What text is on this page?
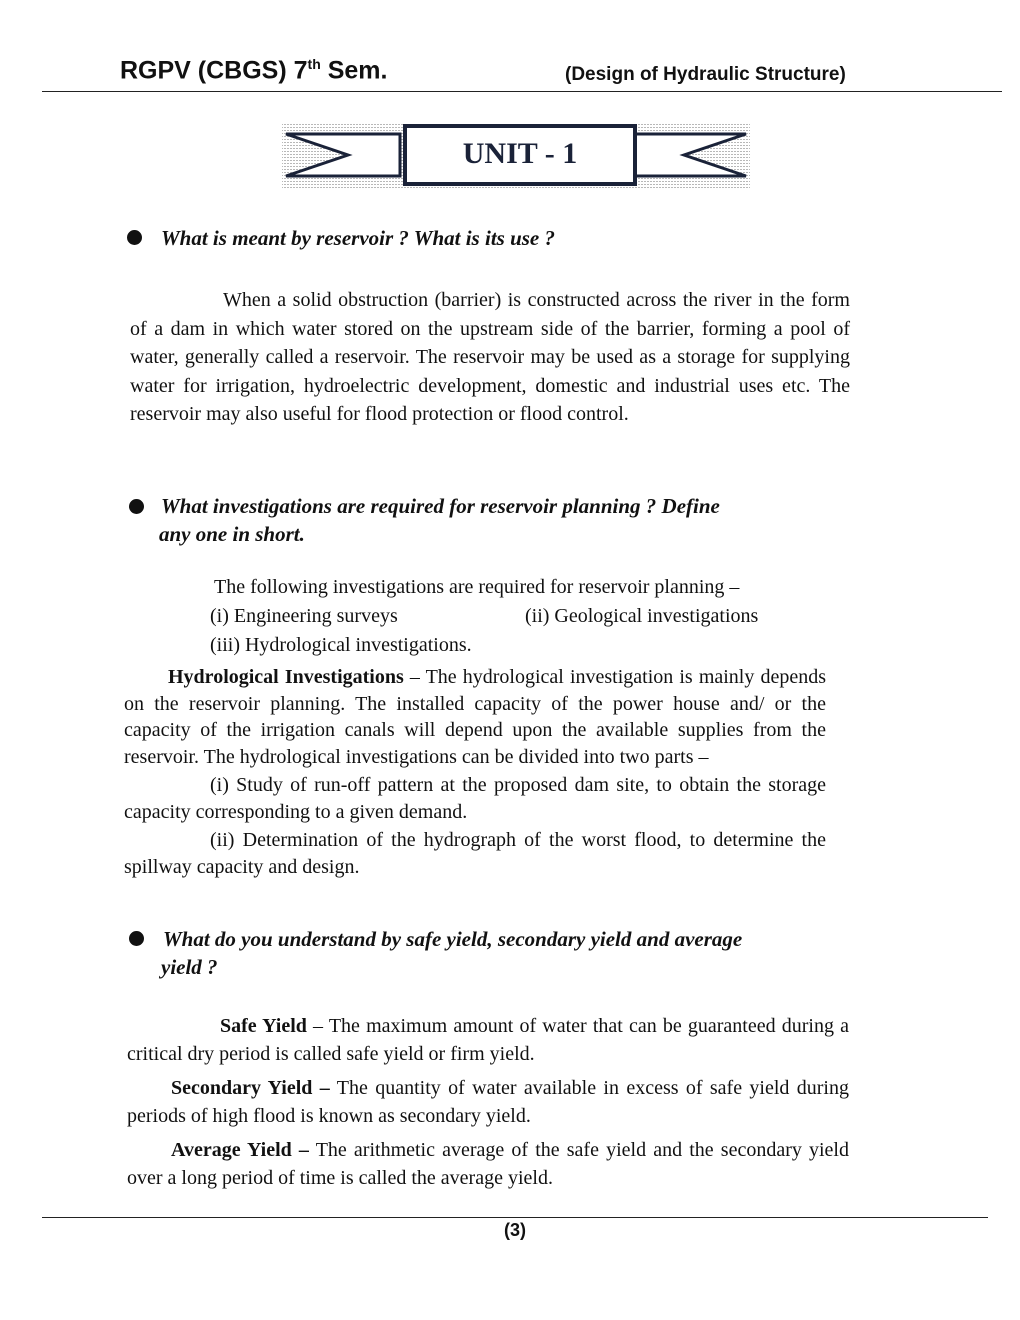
RGPV (CBGS) 7th Sem.	(Design of Hydraulic Structure)
UNIT - 1
What is meant by reservoir ? What is its use ?
When a solid obstruction (barrier) is constructed across the river in the form of a dam in which water stored on the upstream side of the barrier, forming a pool of water, generally called a reservoir. The reservoir may be used as a storage for supplying water for irrigation, hydroelectric development, domestic and industrial uses etc. The reservoir may also useful for flood protection or flood control.
What investigations are required for reservoir planning ? Define
any one in short.
The following investigations are required for reservoir planning –
(i) Engineering surveys	(ii) Geological investigations
(iii) Hydrological investigations.
Hydrological Investigations – The hydrological investigation is mainly depends on the reservoir planning. The installed capacity of the power house and/ or the capacity of the irrigation canals will depend upon the available supplies from the reservoir. The hydrological investigations can be divided into two parts –
(i) Study of run-off pattern at the proposed dam site, to obtain the storage capacity corresponding to a given demand.
(ii) Determination of the hydrograph of the worst flood, to determine the spillway capacity and design.
What do you understand by safe yield, secondary yield and average
yield ?
Safe Yield – The maximum amount of water that can be guaranteed during a critical dry period is called safe yield or firm yield.
Secondary Yield – The quantity of water available in excess of safe yield during periods of high flood is known as secondary yield.
Average Yield – The arithmetic average of the safe yield and the secondary yield over a long period of time is called the average yield.
(3)
